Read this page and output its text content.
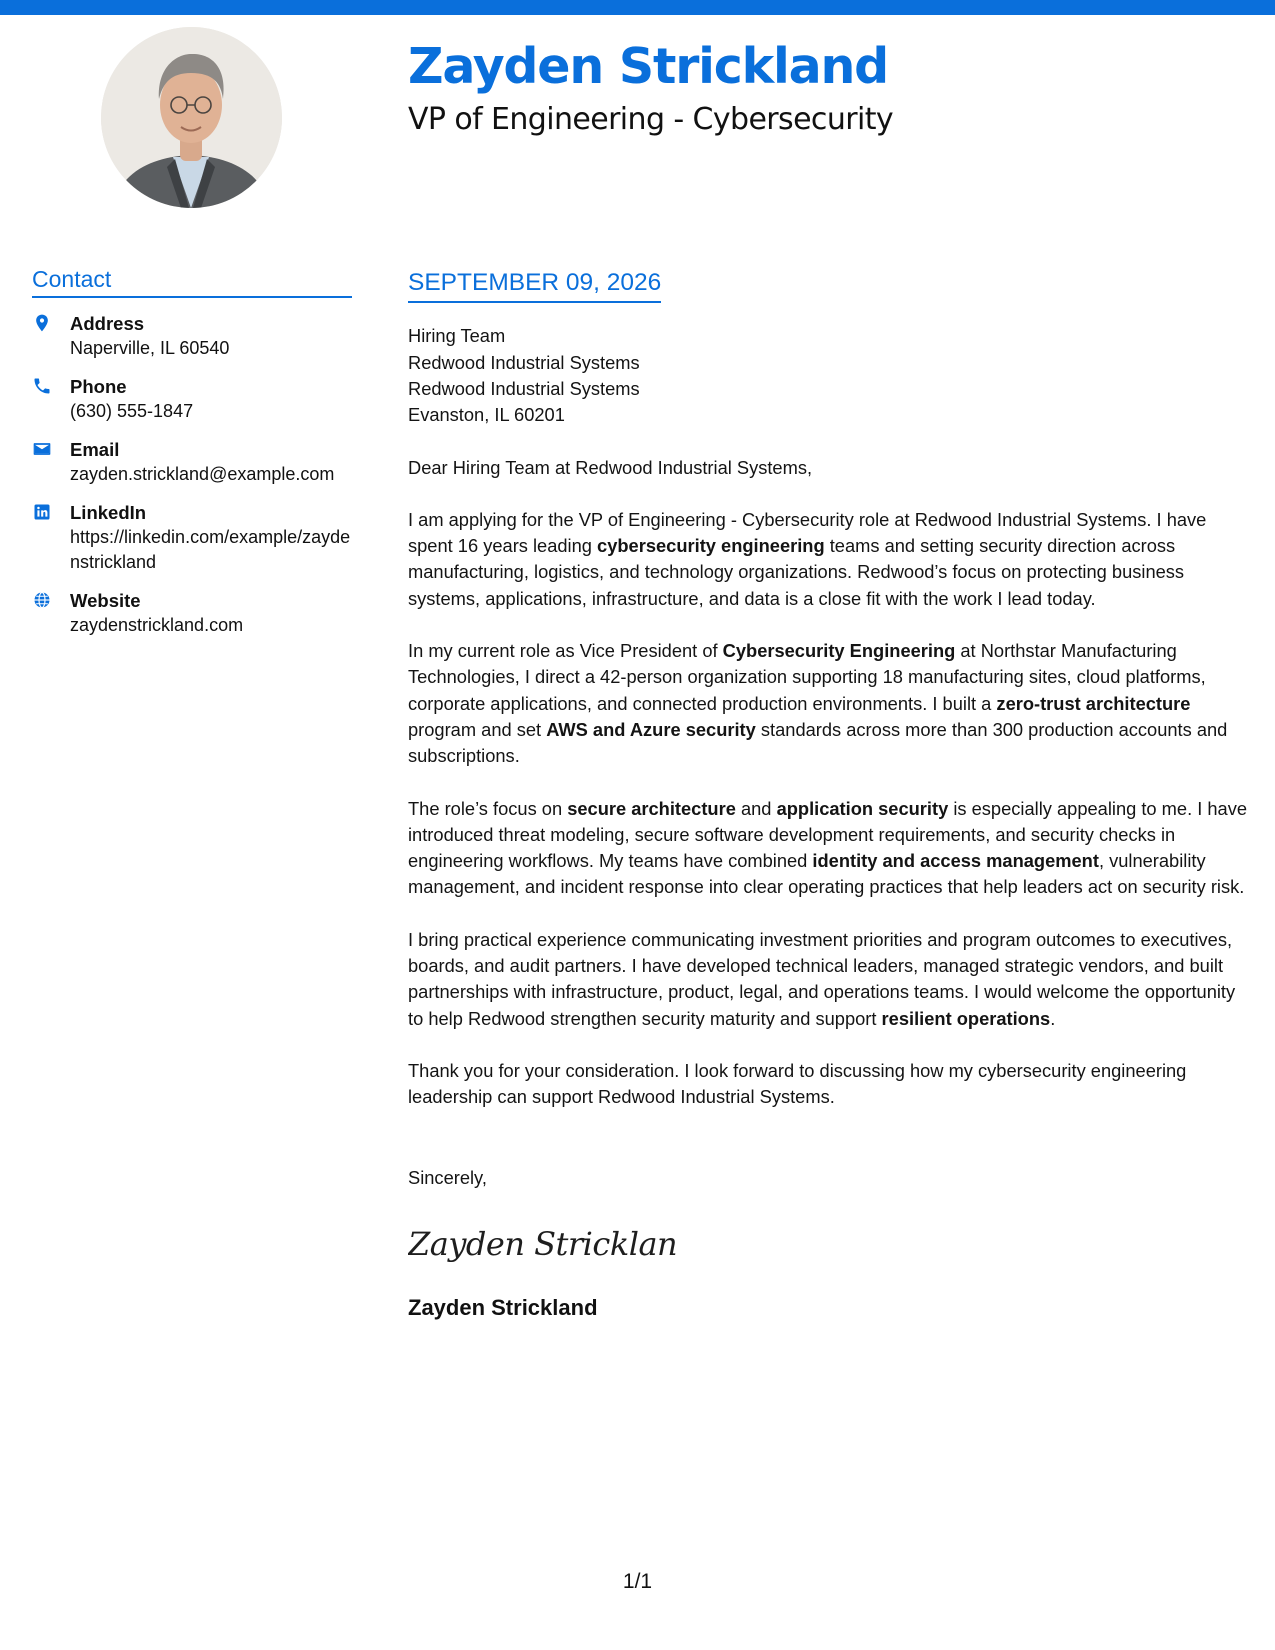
Zayden Strickland
VP of Engineering - Cybersecurity
Contact
Address
Naperville, IL 60540
Phone
(630) 555-1847
Email
zayden.strickland@example.com
LinkedIn
https://linkedin.com/example/zaydenstrickland
Website
zaydenstrickland.com
SEPTEMBER 09, 2026
Hiring Team
Redwood Industrial Systems
Redwood Industrial Systems
Evanston, IL 60201
Dear Hiring Team at Redwood Industrial Systems,
I am applying for the VP of Engineering - Cybersecurity role at Redwood Industrial Systems. I have spent 16 years leading cybersecurity engineering teams and setting security direction across manufacturing, logistics, and technology organizations. Redwood’s focus on protecting business systems, applications, infrastructure, and data is a close fit with the work I lead today.
In my current role as Vice President of Cybersecurity Engineering at Northstar Manufacturing Technologies, I direct a 42-person organization supporting 18 manufacturing sites, cloud platforms, corporate applications, and connected production environments. I built a zero-trust architecture program and set AWS and Azure security standards across more than 300 production accounts and subscriptions.
The role’s focus on secure architecture and application security is especially appealing to me. I have introduced threat modeling, secure software development requirements, and security checks in engineering workflows. My teams have combined identity and access management, vulnerability management, and incident response into clear operating practices that help leaders act on security risk.
I bring practical experience communicating investment priorities and program outcomes to executives, boards, and audit partners. I have developed technical leaders, managed strategic vendors, and built partnerships with infrastructure, product, legal, and operations teams. I would welcome the opportunity to help Redwood strengthen security maturity and support resilient operations.
Thank you for your consideration. I look forward to discussing how my cybersecurity engineering leadership can support Redwood Industrial Systems.
Sincerely,
Zayden Stricklan
Zayden Strickland
1/1
